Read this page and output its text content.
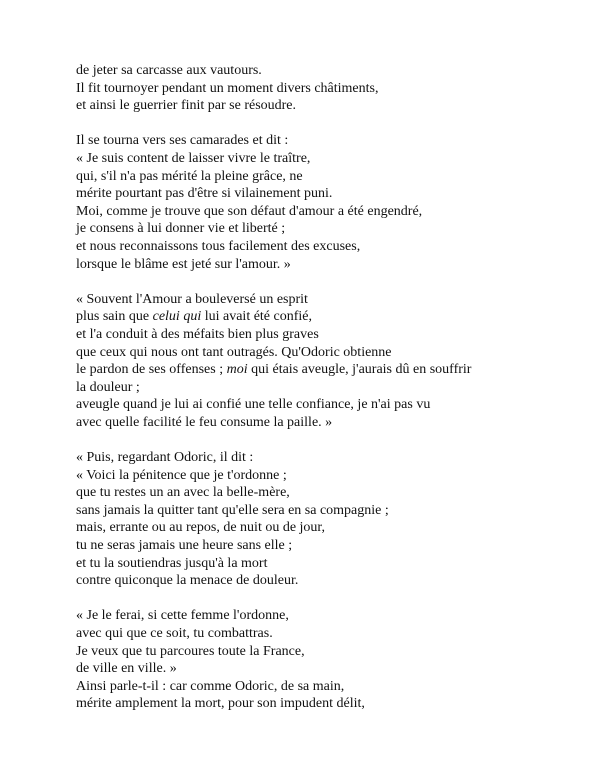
de jeter sa carcasse aux vautours.
Il fit tournoyer pendant un moment divers châtiments,
et ainsi le guerrier finit par se résoudre.
Il se tourna vers ses camarades et dit :
« Je suis content de laisser vivre le traître,
qui, s'il n'a pas mérité la pleine grâce, ne
mérite pourtant pas d'être si vilainement puni.
Moi, comme je trouve que son défaut d'amour a été engendré,
je consens à lui donner vie et liberté ;
et nous reconnaissons tous facilement des excuses,
lorsque le blâme est jeté sur l'amour. »
« Souvent l'Amour a bouleversé un esprit
plus sain que celui qui lui avait été confié,
et l'a conduit à des méfaits bien plus graves
que ceux qui nous ont tant outragés. Qu'Odoric obtienne
le pardon de ses offenses ; moi qui étais aveugle, j'aurais dû en souffrir
la douleur ;
aveugle quand je lui ai confié une telle confiance, je n'ai pas vu
avec quelle facilité le feu consume la paille. »
« Puis, regardant Odoric, il dit :
« Voici la pénitence que je t'ordonne ;
que tu restes un an avec la belle-mère,
sans jamais la quitter tant qu'elle sera en sa compagnie ;
mais, errante ou au repos, de nuit ou de jour,
tu ne seras jamais une heure sans elle ;
et tu la soutiendras jusqu'à la mort
contre quiconque la menace de douleur.
« Je le ferai, si cette femme l'ordonne,
avec qui que ce soit, tu combattras.
Je veux que tu parcoures toute la France,
de ville en ville. »
Ainsi parle-t-il : car comme Odoric, de sa main,
mérite amplement la mort, pour son impudent délit,
